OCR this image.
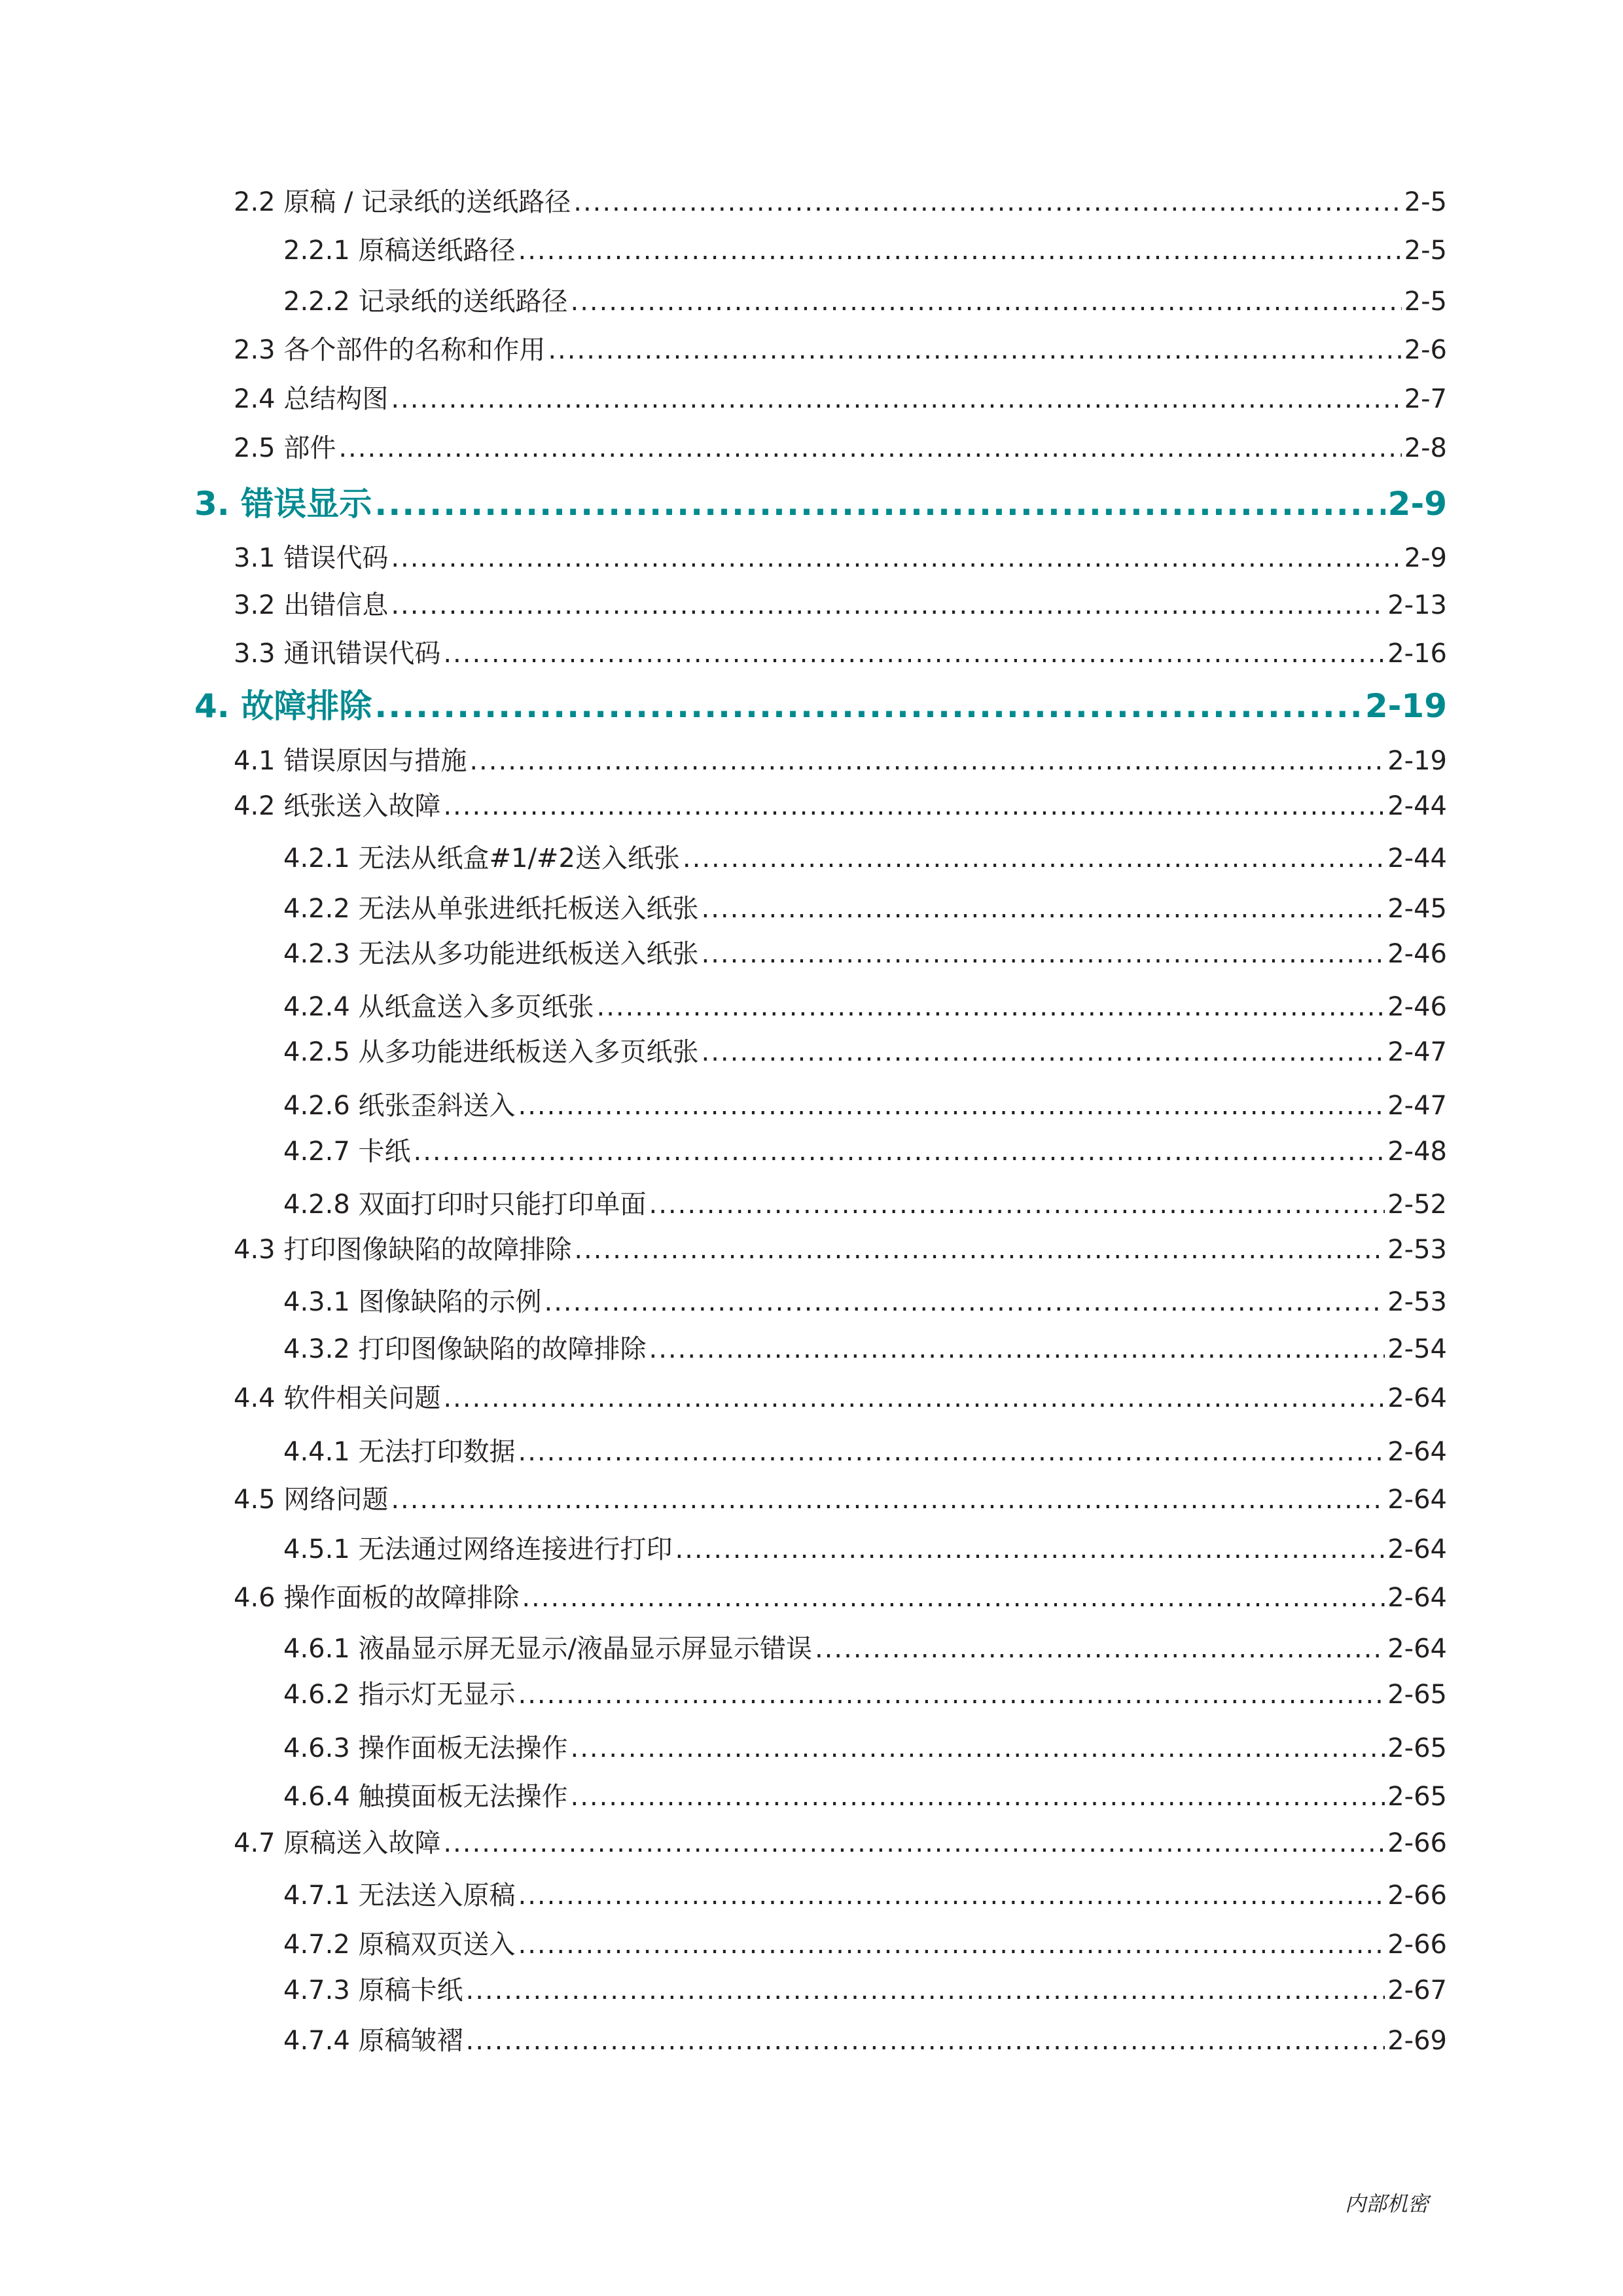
2.2 原稿 / 记录纸的送纸路径 .....	2-5
2.2.1 原稿送纸路径 .....	2-5
2.2.2 记录纸的送纸路径 .....	2-5
2.3 各个部件的名称和作用 .....	2-6
2.4 总结构图 .....	2-7
2.5 部件 .....	2-8
3. 错误显示 .....	2-9
3.1 错误代码 .....	2-9
3.2 出错信息 .....	2-13
3.3 通讯错误代码 .....	2-16
4. 故障排除 .....	2-19
4.1 错误原因与措施 .....	2-19
4.2 纸张送入故障 .....	2-44
4.2.1 无法从纸盒#1/#2送入纸张 .....	2-44
4.2.2 无法从单张进纸托板送入纸张 .....	2-45
4.2.3 无法从多功能进纸板送入纸张 .....	2-46
4.2.4 从纸盒送入多页纸张 .....	2-46
4.2.5 从多功能进纸板送入多页纸张 .....	2-47
4.2.6 纸张歪斜送入 .....	2-47
4.2.7 卡纸 .....	2-48
4.2.8 双面打印时只能打印单面 .....	2-52
4.3 打印图像缺陷的故障排除 .....	2-53
4.3.1 图像缺陷的示例 .....	2-53
4.3.2 打印图像缺陷的故障排除 .....	2-54
4.4 软件相关问题 .....	2-64
4.4.1 无法打印数据 .....	2-64
4.5 网络问题 .....	2-64
4.5.1 无法通过网络连接进行打印 .....	2-64
4.6 操作面板的故障排除 .....	2-64
4.6.1 液晶显示屏无显示/液晶显示屏显示错误 .....	2-64
4.6.2 指示灯无显示 .....	2-65
4.6.3 操作面板无法操作 .....	2-65
4.6.4 触摸面板无法操作 .....	2-65
4.7 原稿送入故障 .....	2-66
4.7.1 无法送入原稿 .....	2-66
4.7.2 原稿双页送入 .....	2-66
4.7.3 原稿卡纸 .....	2-67
4.7.4 原稿皱褶 .....	2-69
内部机密
